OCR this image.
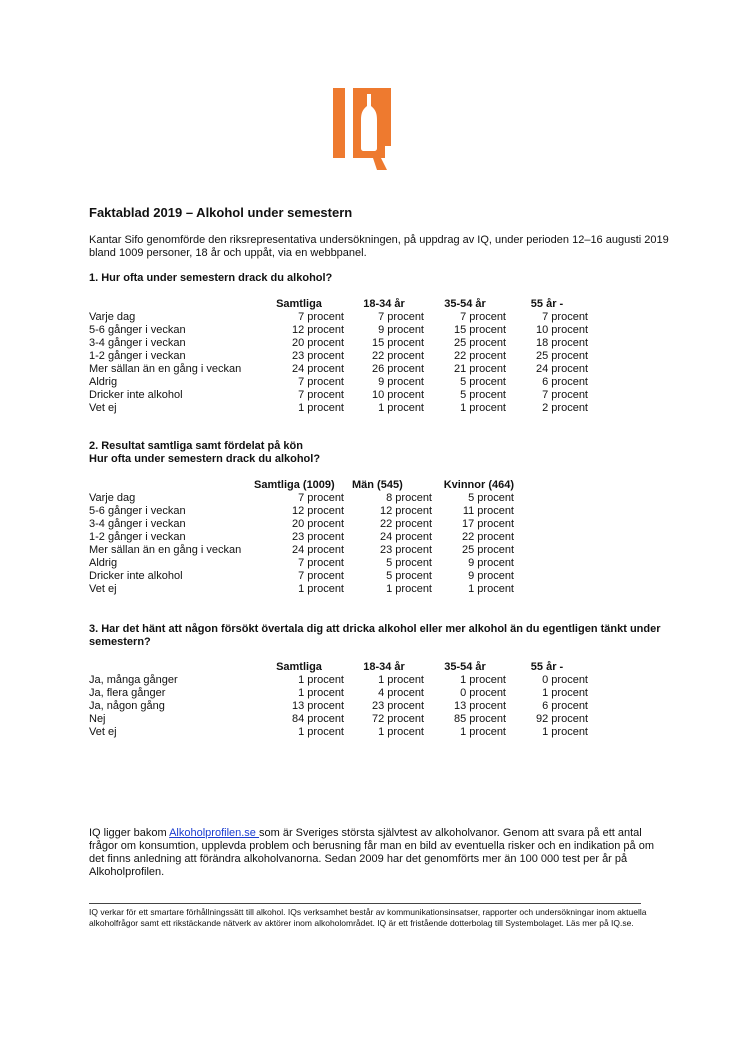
Faktablad 2019 – Alkohol under semestern
Kantar Sifo genomförde den riksrepresentativa undersökningen, på uppdrag av IQ, under perioden 12–16 augusti 2019 bland 1009 personer, 18 år och uppåt, via en webbpanel.
1. Hur ofta under semestern drack du alkohol?
	Samtliga	18-34 år	35-54 år	55 år -
Varje dag	7 procent	7 procent	7 procent	7 procent
5-6 gånger i veckan	12 procent	9 procent	15 procent	10 procent
3-4 gånger i veckan	20 procent	15 procent	25 procent	18 procent
1-2 gånger i veckan	23 procent	22 procent	22 procent	25 procent
Mer sällan än en gång i veckan	24 procent	26 procent	21 procent	24 procent
Aldrig	7 procent	9 procent	5 procent	6 procent
Dricker inte alkohol	7 procent	10 procent	5 procent	7 procent
Vet ej	1 procent	1 procent	1 procent	2 procent
2. Resultat samtliga samt fördelat på kön
Hur ofta under semestern drack du alkohol?
	Samtliga (1009)	Män (545)	Kvinnor (464)
Varje dag	7 procent	8 procent	5 procent
5-6 gånger i veckan	12 procent	12 procent	11 procent
3-4 gånger i veckan	20 procent	22 procent	17 procent
1-2 gånger i veckan	23 procent	24 procent	22 procent
Mer sällan än en gång i veckan	24 procent	23 procent	25 procent
Aldrig	7 procent	5 procent	9 procent
Dricker inte alkohol	7 procent	5 procent	9 procent
Vet ej	1 procent	1 procent	1 procent
3. Har det hänt att någon försökt övertala dig att dricka alkohol eller mer alkohol än du egentligen tänkt under semestern?
	Samtliga	18-34 år	35-54 år	55 år -
Ja, många gånger	1 procent	1 procent	1 procent	0 procent
Ja, flera gånger	1 procent	4 procent	0 procent	1 procent
Ja, någon gång	13 procent	23 procent	13 procent	6 procent
Nej	84 procent	72 procent	85 procent	92 procent
Vet ej	1 procent	1 procent	1 procent	1 procent
IQ ligger bakom Alkoholprofilen.se som är Sveriges största självtest av alkoholvanor. Genom att svara på ett antal frågor om konsumtion, upplevda problem och berusning får man en bild av eventuella risker och en indikation på om det finns anledning att förändra alkoholvanorna. Sedan 2009 har det genomförts mer än 100 000 test per år på Alkoholprofilen.
IQ verkar för ett smartare förhållningssätt till alkohol. IQs verksamhet består av kommunikationsinsatser, rapporter och undersökningar inom aktuella alkoholfrågor samt ett rikstäckande nätverk av aktörer inom alkoholområdet. IQ är ett fristående dotterbolag till Systembolaget. Läs mer på IQ.se.
